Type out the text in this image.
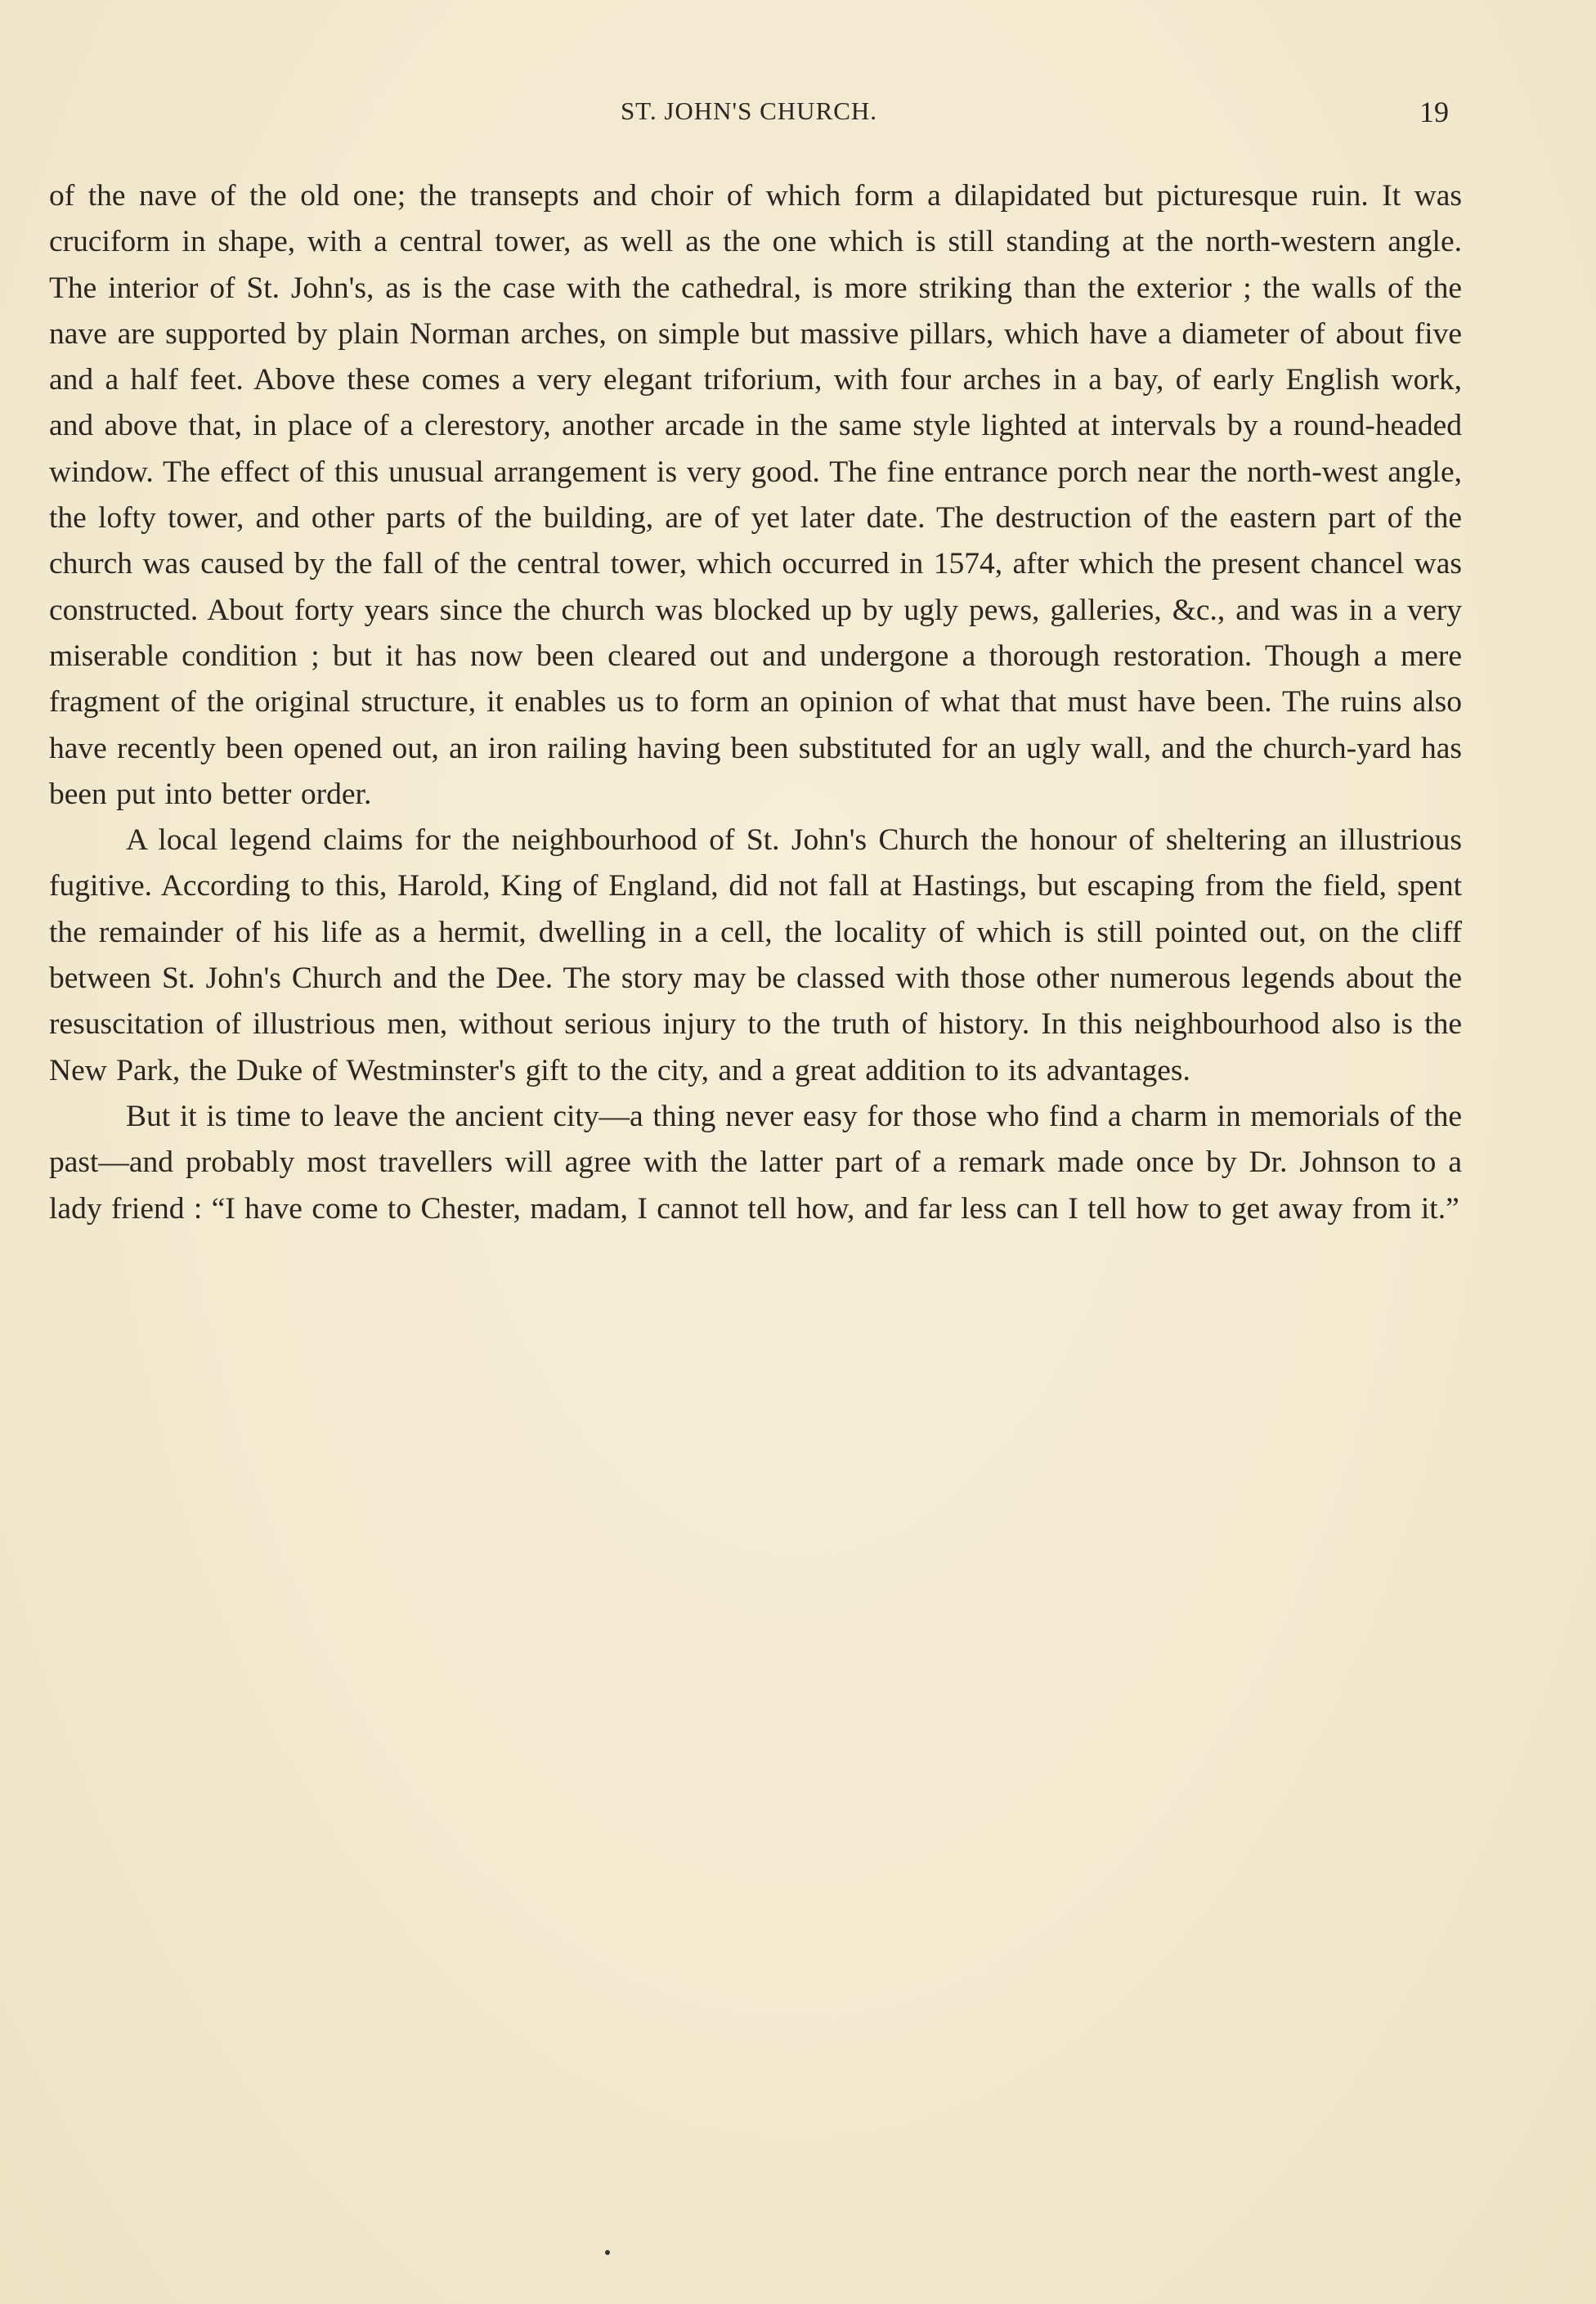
ST. JOHN'S CHURCH.	19

of the nave of the old one; the transepts and choir of which form a dilapidated but picturesque ruin. It was cruciform in shape, with a central tower, as well as the one which is still standing at the north-western angle. The interior of St. John's, as is the case with the cathedral, is more striking than the exterior ; the walls of the nave are supported by plain Norman arches, on simple but massive pillars, which have a diameter of about five and a half feet. Above these comes a very elegant triforium, with four arches in a bay, of early English work, and above that, in place of a clerestory, another arcade in the same style lighted at intervals by a round-headed window. The effect of this unusual arrangement is very good. The fine entrance porch near the north-west angle, the lofty tower, and other parts of the building, are of yet later date. The destruction of the eastern part of the church was caused by the fall of the central tower, which occurred in 1574, after which the present chancel was constructed. About forty years since the church was blocked up by ugly pews, galleries, &c., and was in a very miserable condition ; but it has now been cleared out and undergone a thorough restoration. Though a mere fragment of the original structure, it enables us to form an opinion of what that must have been. The ruins also have recently been opened out, an iron railing having been substituted for an ugly wall, and the church-yard has been put into better order.

A local legend claims for the neighbourhood of St. John's Church the honour of sheltering an illustrious fugitive. According to this, Harold, King of England, did not fall at Hastings, but escaping from the field, spent the remainder of his life as a hermit, dwelling in a cell, the locality of which is still pointed out, on the cliff between St. John's Church and the Dee. The story may be classed with those other numerous legends about the resuscitation of illustrious men, without serious injury to the truth of history. In this neighbourhood also is the New Park, the Duke of Westminster's gift to the city, and a great addition to its advantages.

But it is time to leave the ancient city—a thing never easy for those who find a charm in memorials of the past—and probably most travellers will agree with the latter part of a remark made once by Dr. Johnson to a lady friend : “I have come to Chester, madam, I cannot tell how, and far less can I tell how to get away from it.”
